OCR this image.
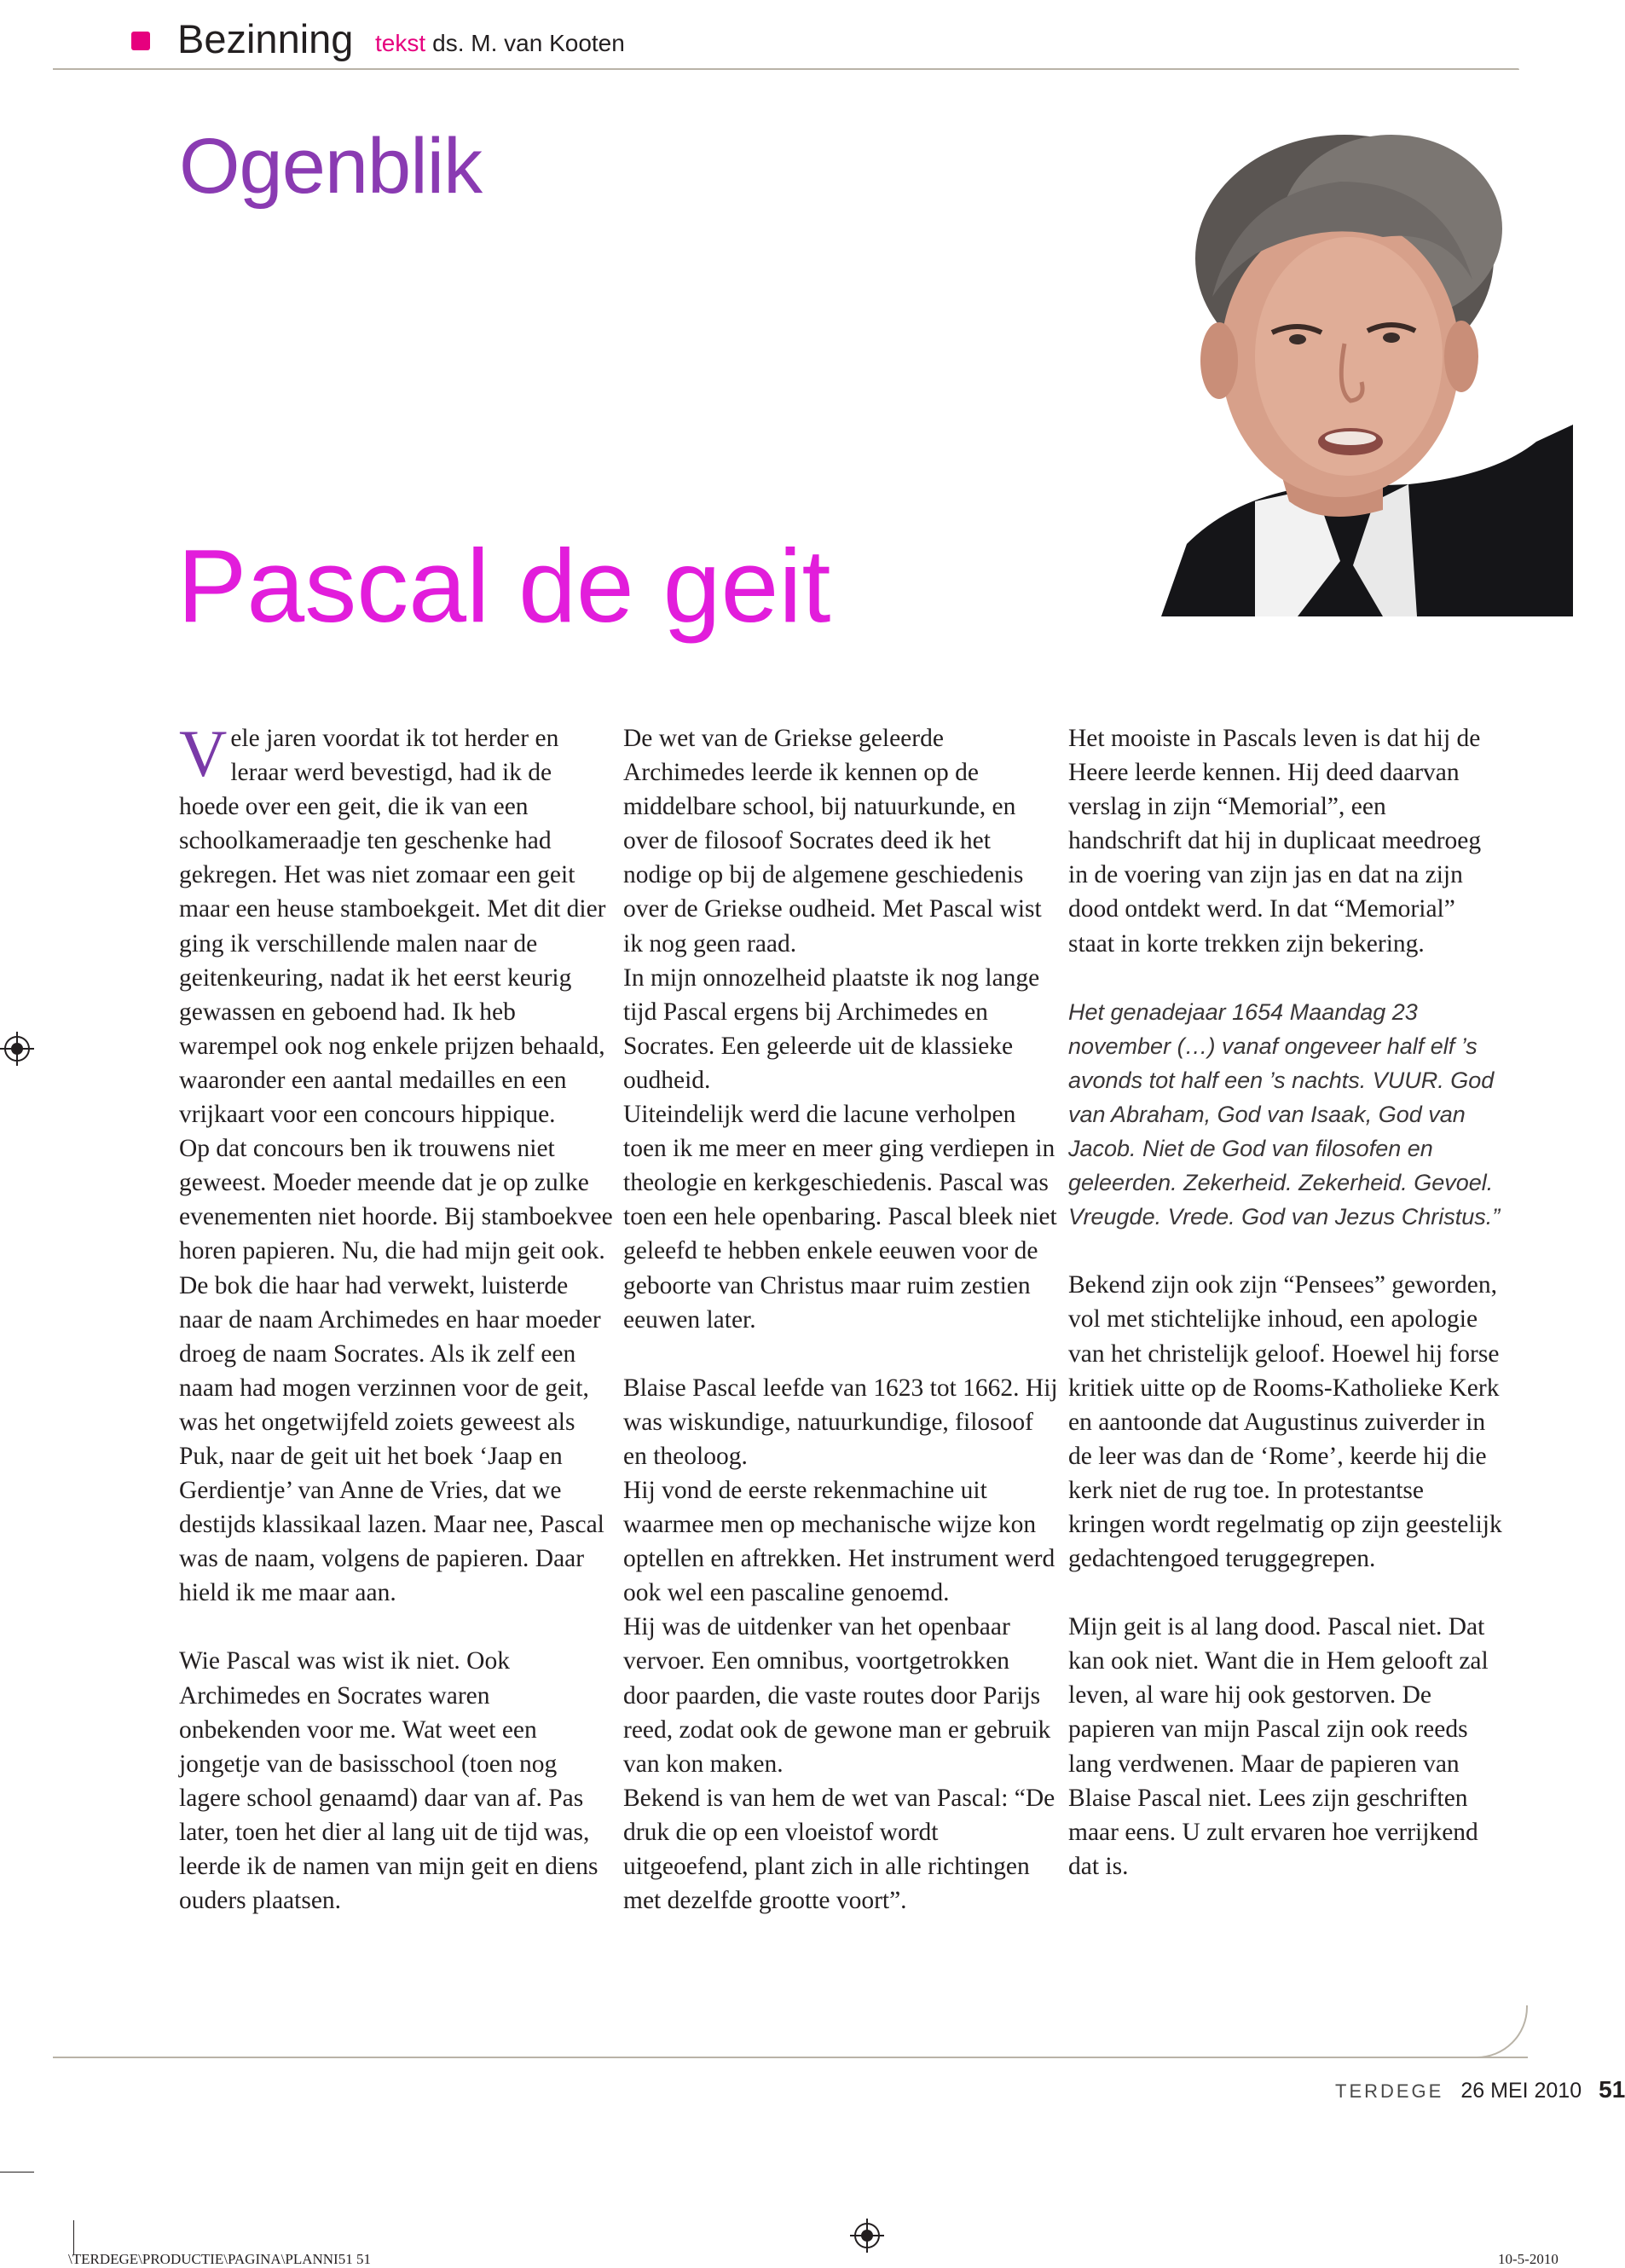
Bezinning tekst ds. M. van Kooten
Ogenblik
Pascal de geit

Vele jaren voordat ik tot herder en leraar werd bevestigd, had ik de hoede over een geit, die ik van een schoolkameraadje ten geschenke had gekregen. Het was niet zomaar een geit maar een heuse stamboekgeit. Met dit dier ging ik verschillende malen naar de geitenkeuring, nadat ik het eerst keurig gewassen en geboend had. Ik heb warempel ook nog enkele prijzen behaald, waaronder een aantal medailles en een vrijkaart voor een concours hippique.

Op dat concours ben ik trouwens niet geweest. Moeder meende dat je op zulke evenementen niet hoorde. Bij stamboekvee horen papieren. Nu, die had mijn geit ook. De bok die haar had verwekt, luisterde naar de naam Archimedes en haar moeder droeg de naam Socrates. Als ik zelf een naam had mogen verzinnen voor de geit, was het ongetwijfeld zoiets geweest als Puk, naar de geit uit het boek ‘Jaap en Gerdientje’ van Anne de Vries, dat we destijds klassikaal lazen. Maar nee, Pascal was de naam, volgens de papieren. Daar hield ik me maar aan.

Wie Pascal was wist ik niet. Ook Archimedes en Socrates waren onbekenden voor me. Wat weet een jongetje van de basisschool (toen nog lagere school genaamd) daar van af. Pas later, toen het dier al lang uit de tijd was, leerde ik de namen van mijn geit en diens ouders plaatsen.

De wet van de Griekse geleerde Archimedes leerde ik kennen op de middelbare school, bij natuurkunde, en over de filosoof Socrates deed ik het nodige op bij de algemene geschiedenis over de Griekse oudheid. Met Pascal wist ik nog geen raad.

In mijn onnozelheid plaatste ik nog lange tijd Pascal ergens bij Archimedes en Socrates. Een geleerde uit de klassieke oudheid.

Uiteindelijk werd die lacune verholpen toen ik me meer en meer ging verdiepen in theologie en kerkgeschiedenis. Pascal was toen een hele openbaring. Pascal bleek niet geleefd te hebben enkele eeuwen voor de geboorte van Christus maar ruim zestien eeuwen later.

Blaise Pascal leefde van 1623 tot 1662. Hij was wiskundige, natuurkundige, filosoof en theoloog.

Hij vond de eerste rekenmachine uit waarmee men op mechanische wijze kon optellen en aftrekken. Het instrument werd ook wel een pascaline genoemd.

Hij was de uitdenker van het openbaar vervoer. Een omnibus, voortgetrokken door paarden, die vaste routes door Parijs reed, zodat ook de gewone man er gebruik van kon maken.

Bekend is van hem de wet van Pascal: “De druk die op een vloeistof wordt uitgeoefend, plant zich in alle richtingen met dezelfde grootte voort”.

Het mooiste in Pascals leven is dat hij de Heere leerde kennen. Hij deed daarvan verslag in zijn “Memorial”, een handschrift dat hij in duplicaat meedroeg in de voering van zijn jas en dat na zijn dood ontdekt werd. In dat “Memorial” staat in korte trekken zijn bekering.

Het genadejaar 1654 Maandag 23 november (…) vanaf ongeveer half elf ’s avonds tot half een ’s nachts. VUUR. God van Abraham, God van Isaak, God van Jacob. Niet de God van filosofen en geleerden. Zekerheid. Zekerheid. Gevoel. Vreugde. Vrede. God van Jezus Christus.”

Bekend zijn ook zijn “Pensees” geworden, vol met stichtelijke inhoud, een apologie van het christelijk geloof. Hoewel hij forse kritiek uitte op de Rooms-Katholieke Kerk en aantoonde dat Augustinus zuiverder in de leer was dan de ‘Rome’, keerde hij die kerk niet de rug toe. In protestantse kringen wordt regelmatig op zijn geestelijk gedachtengoed teruggegrepen.

Mijn geit is al lang dood. Pascal niet. Dat kan ook niet. Want die in Hem gelooft zal leven, al ware hij ook gestorven. De papieren van mijn Pascal zijn ook reeds lang verdwenen. Maar de papieren van Blaise Pascal niet. Lees zijn geschriften maar eens. U zult ervaren hoe verrijkend dat is.

TERDEGE 26 MEI 2010 51
\TERDEGE\PRODUCTIE\PAGINA\PLANNI51 51	10-5-2010
